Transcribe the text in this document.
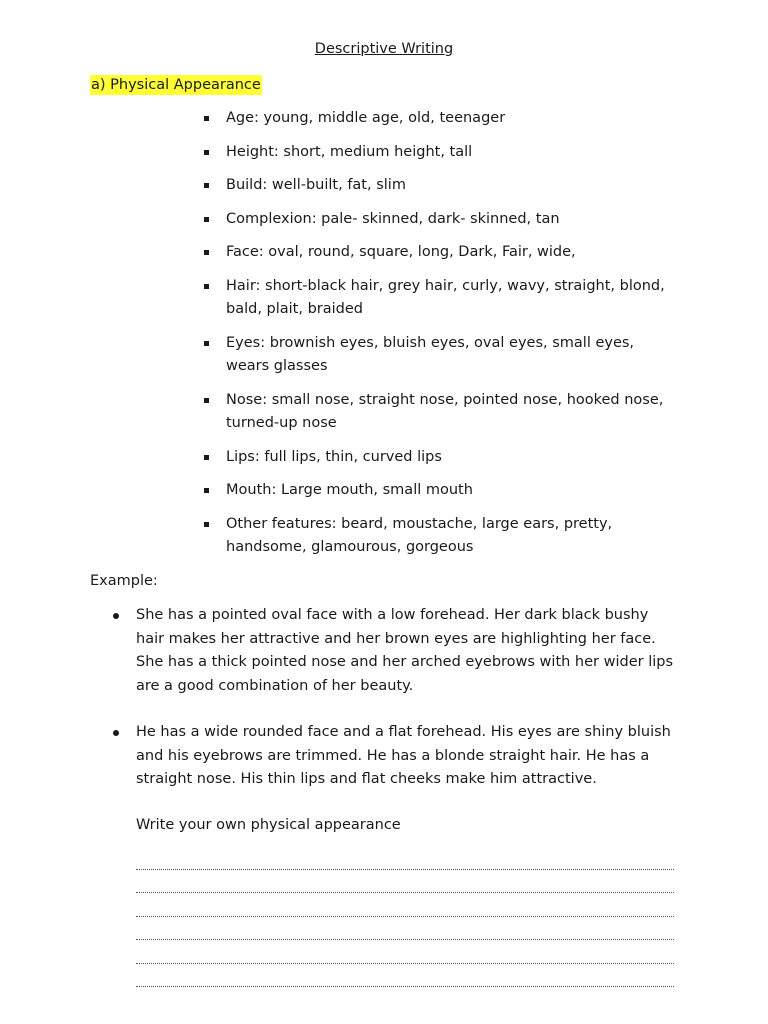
Descriptive Writing
a) Physical Appearance
Age: young, middle age, old, teenager
Height: short, medium height, tall
Build: well-built, fat, slim
Complexion: pale- skinned, dark- skinned, tan
Face: oval, round, square, long, Dark, Fair, wide,
Hair: short-black hair, grey hair, curly, wavy, straight, blond, bald, plait, braided
Eyes: brownish eyes, bluish eyes, oval eyes, small eyes, wears glasses
Nose: small nose, straight nose, pointed nose, hooked nose, turned-up nose
Lips: full lips, thin, curved lips
Mouth: Large mouth, small mouth
Other features: beard, moustache, large ears, pretty, handsome, glamourous, gorgeous
Example:
She has a pointed oval face with a low forehead. Her dark black bushy hair makes her attractive and her brown eyes are highlighting her face. She has a thick pointed nose and her arched eyebrows with her wider lips are a good combination of her beauty.
He has a wide rounded face and a flat forehead. His eyes are shiny bluish and his eyebrows are trimmed. He has a blonde straight hair. He has a straight nose. His thin lips and flat cheeks make him attractive.
Write your own physical appearance
